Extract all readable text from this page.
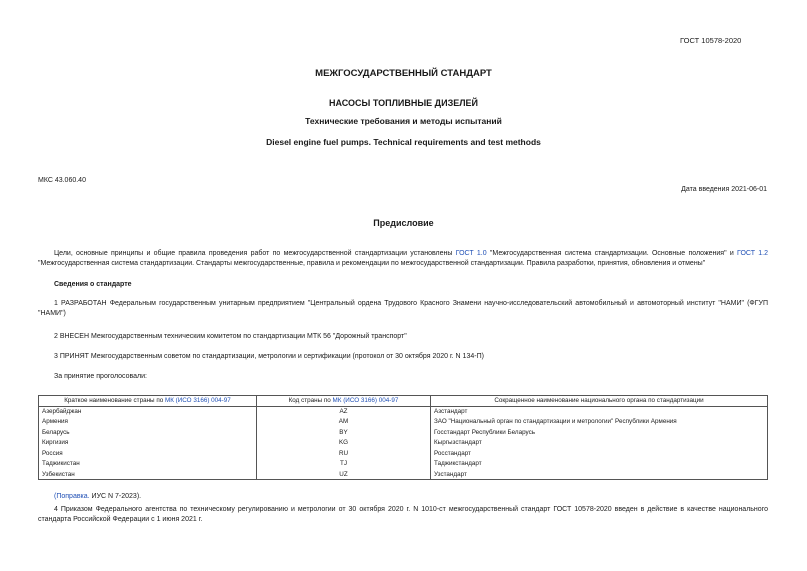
ГОСТ 10578-2020
МЕЖГОСУДАРСТВЕННЫЙ СТАНДАРТ
НАСОСЫ ТОПЛИВНЫЕ ДИЗЕЛЕЙ
Технические требования и методы испытаний
Diesel engine fuel pumps. Technical requirements and test methods
МКС 43.060.40
Дата введения 2021-06-01
Предисловие
Цели, основные принципы и общие правила проведения работ по межгосударственной стандартизации установлены ГОСТ 1.0 "Межгосударственная система стандартизации. Основные положения" и ГОСТ 1.2 "Межгосударственная система стандартизации. Стандарты межгосударственные, правила и рекомендации по межгосударственной стандартизации. Правила разработки, принятия, обновления и отмены"
Сведения о стандарте
1 РАЗРАБОТАН Федеральным государственным унитарным предприятием "Центральный ордена Трудового Красного Знамени научно-исследовательский автомобильный и автомоторный институт "НАМИ" (ФГУП "НАМИ")
2 ВНЕСЕН Межгосударственным техническим комитетом по стандартизации МТК 56 "Дорожный транспорт"
3 ПРИНЯТ Межгосударственным советом по стандартизации, метрологии и сертификации (протокол от 30 октября 2020 г. N 134-П)
За принятие проголосовали:
Краткое наименование страны по МК (ИСО 3166) 004-97	Код страны по МК (ИСО 3166) 004-97	Сокращенное наименование национального органа по стандартизации
Азербайджан	AZ	Азстандарт
Армения	AM	ЗАО "Национальный орган по стандартизации и метрологии" Республики Армения
Беларусь	BY	Госстандарт Республики Беларусь
Киргизия	KG	Кыргызстандарт
Россия	RU	Росстандарт
Таджикистан	TJ	Таджикстандарт
Узбекистан	UZ	Узстандарт
(Поправка. ИУС N 7-2023).
4 Приказом Федерального агентства по техническому регулированию и метрологии от 30 октября 2020 г. N 1010-ст межгосударственный стандарт ГОСТ 10578-2020 введен в действие в качестве национального стандарта Российской Федерации с 1 июня 2021 г.
